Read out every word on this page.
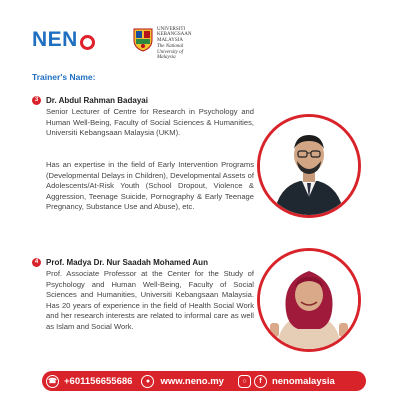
NEN	UNIVERSITI KEBANGSAAN MALAYSIA
The National University of Malaysia
Trainer's Name:
3 Dr. Abdul Rahman Badayai

Senior Lecturer of Centre for Research in Psychology and Human Well-Being, Faculty of Social Sciences & Humanities, Universiti Kebangsaan Malaysia (UKM).

Has an expertise in the field of Early Intervention Programs (Developmental Delays in Children), Developmental Assets of Adolescents/At-Risk Youth (School Dropout, Violence & Aggression, Teenage Suicide, Pornography & Early Teenage Pregnancy, Substance Use and Abuse), etc.

4 Prof. Madya Dr. Nur Saadah Mohamed Aun

Prof. Associate Professor at the Center for the Study of Psychology and Human Well-Being, Faculty of Social Sciences and Humanities, Universiti Kebangsaan Malaysia. Has 20 years of experience in the field of Health Social Work and her research interests are related to informal care as well as Islam and Social Work.

☎ +601156655686	●	www.neno.my	○	f	nenomalaysia
